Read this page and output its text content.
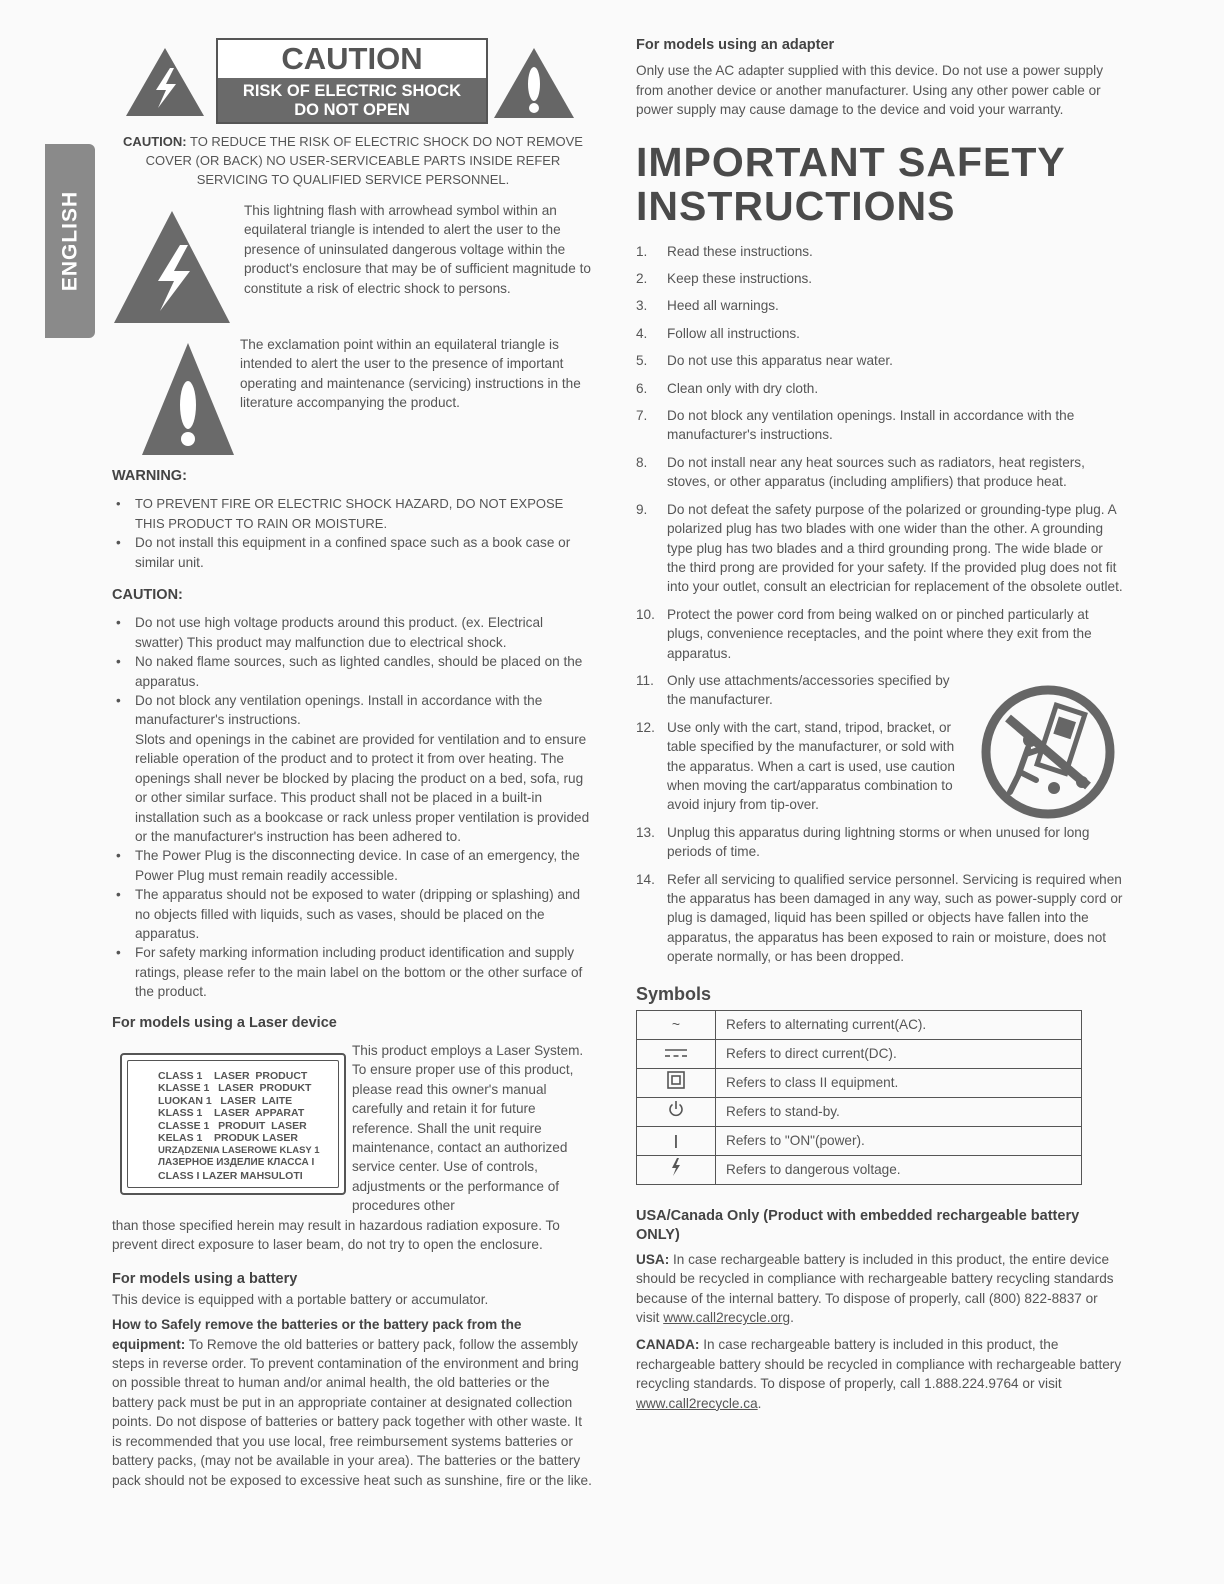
ENGLISH
CAUTION
RISK OF ELECTRIC SHOCK
DO NOT OPEN
CAUTION: TO REDUCE THE RISK OF ELECTRIC SHOCK DO NOT REMOVE COVER (OR BACK) NO USER-SERVICEABLE PARTS INSIDE REFER SERVICING TO QUALIFIED SERVICE PERSONNEL.
This lightning flash with arrowhead symbol within an equilateral triangle is intended to alert the user to the presence of uninsulated dangerous voltage within the product's enclosure that may be of sufficient magnitude to constitute a risk of electric shock to persons.
The exclamation point within an equilateral triangle is intended to alert the user to the presence of important operating and maintenance (servicing) instructions in the literature accompanying the product.
WARNING:
• TO PREVENT FIRE OR ELECTRIC SHOCK HAZARD, DO NOT EXPOSE THIS PRODUCT TO RAIN OR MOISTURE.
• Do not install this equipment in a confined space such as a book case or similar unit.
CAUTION:
• Do not use high voltage products around this product. (ex. Electrical swatter) This product may malfunction due to electrical shock.
• No naked flame sources, such as lighted candles, should be placed on the apparatus.
• Do not block any ventilation openings. Install in accordance with the manufacturer's instructions.
Slots and openings in the cabinet are provided for ventilation and to ensure reliable operation of the product and to protect it from over heating. The openings shall never be blocked by placing the product on a bed, sofa, rug or other similar surface. This product shall not be placed in a built-in installation such as a bookcase or rack unless proper ventilation is provided or the manufacturer's instruction has been adhered to.
• The Power Plug is the disconnecting device. In case of an emergency, the Power Plug must remain readily accessible.
• The apparatus should not be exposed to water (dripping or splashing) and no objects filled with liquids, such as vases, should be placed on the apparatus.
• For safety marking information including product identification and supply ratings, please refer to the main label on the bottom or the other surface of the product.
For models using a Laser device
CLASS 1    LASER  PRODUCT
KLASSE 1   LASER  PRODUKT
LUOKAN 1   LASER  LAITE
KLASS 1    LASER  APPARAT
CLASSE 1   PRODUIT  LASER
KELAS 1    PRODUK LASER
URZĄDZENIA LASEROWE KLASY 1
ЛАЗЕРНОЕ ИЗДЕЛИЕ КЛАССА I
CLASS I LAZER MAHSULOTI

This product employs a Laser System. To ensure proper use of this product, please read this owner's manual carefully and retain it for future reference. Shall the unit require maintenance, contact an authorized service center. Use of controls, adjustments or the performance of procedures other

than those specified herein may result in hazardous radiation exposure. To prevent direct exposure to laser beam, do not try to open the enclosure.

For models using a battery

This device is equipped with a portable battery or accumulator.

How to Safely remove the batteries or the battery pack from the equipment: To Remove the old batteries or battery pack, follow the assembly steps in reverse order. To prevent contamination of the environment and bring on possible threat to human and/or animal health, the old batteries or the battery pack must be put in an appropriate container at designated collection points. Do not dispose of batteries or battery pack together with other waste. It is recommended that you use local, free reimbursement systems batteries or battery packs, (may not be available in your area). The batteries or the battery pack should not be exposed to excessive heat such as sunshine, fire or the like.

For models using an adapter

Only use the AC adapter supplied with this device. Do not use a power supply from another device or another manufacturer. Using any other power cable or power supply may cause damage to the device and void your warranty.

IMPORTANT SAFETY
INSTRUCTIONS
1. Read these instructions.
2. Keep these instructions.
3. Heed all warnings.
4. Follow all instructions.
5. Do not use this apparatus near water.
6. Clean only with dry cloth.
7. Do not block any ventilation openings. Install in accordance with the manufacturer's instructions.
8. Do not install near any heat sources such as radiators, heat registers, stoves, or other apparatus (including amplifiers) that produce heat.
9. Do not defeat the safety purpose of the polarized or grounding-type plug. A polarized plug has two blades with one wider than the other. A grounding type plug has two blades and a third grounding prong. The wide blade or the third prong are provided for your safety. If the provided plug does not fit into your outlet, consult an electrician for replacement of the obsolete outlet.
10. Protect the power cord from being walked on or pinched particularly at plugs, convenience receptacles, and the point where they exit from the apparatus.
11. Only use attachments/accessories specified by the manufacturer.
12. Use only with the cart, stand, tripod, bracket, or table specified by the manufacturer, or sold with the apparatus. When a cart is used, use caution when moving the cart/apparatus combination to avoid injury from tip-over.
13. Unplug this apparatus during lightning storms or when unused for long periods of time.
14. Refer all servicing to qualified service personnel. Servicing is required when the apparatus has been damaged in any way, such as power-supply cord or plug is damaged, liquid has been spilled or objects have fallen into the apparatus, the apparatus has been exposed to rain or moisture, does not operate normally, or has been dropped.
Symbols
~	Refers to alternating current(AC).
	Refers to direct current(DC).
	Refers to class II equipment.
	Refers to stand-by.
|	Refers to "ON"(power).
	Refers to dangerous voltage.
USA/Canada Only (Product with embedded rechargeable battery ONLY)

USA: In case rechargeable battery is included in this product, the entire device should be recycled in compliance with rechargeable battery recycling standards because of the internal battery. To dispose of properly, call (800) 822-8837 or visit www.call2recycle.org.

CANADA: In case rechargeable battery is included in this product, the rechargeable battery should be recycled in compliance with rechargeable battery recycling standards. To dispose of properly, call 1.888.224.9764 or visit www.call2recycle.ca.
